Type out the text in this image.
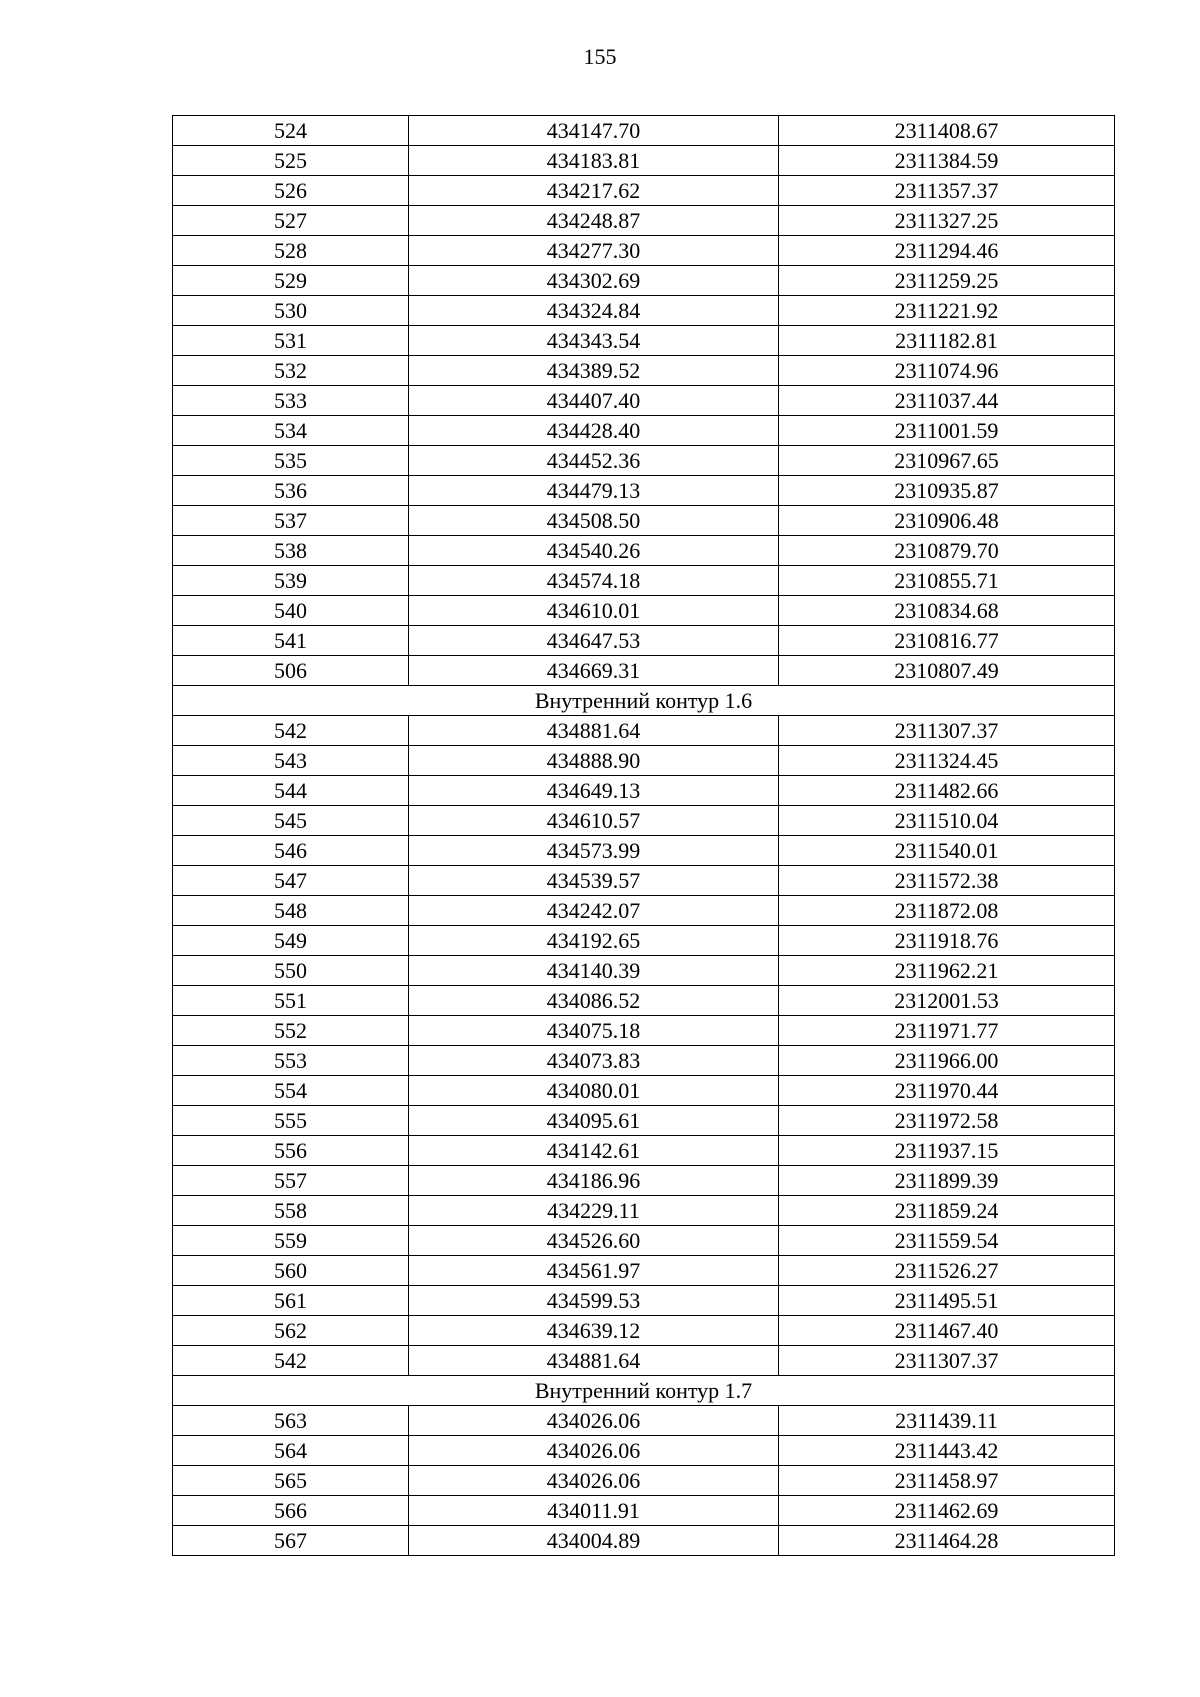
155
524	434147.70	2311408.67
525	434183.81	2311384.59
526	434217.62	2311357.37
527	434248.87	2311327.25
528	434277.30	2311294.46
529	434302.69	2311259.25
530	434324.84	2311221.92
531	434343.54	2311182.81
532	434389.52	2311074.96
533	434407.40	2311037.44
534	434428.40	2311001.59
535	434452.36	2310967.65
536	434479.13	2310935.87
537	434508.50	2310906.48
538	434540.26	2310879.70
539	434574.18	2310855.71
540	434610.01	2310834.68
541	434647.53	2310816.77
506	434669.31	2310807.49
Внутренний контур 1.6		
542	434881.64	2311307.37
543	434888.90	2311324.45
544	434649.13	2311482.66
545	434610.57	2311510.04
546	434573.99	2311540.01
547	434539.57	2311572.38
548	434242.07	2311872.08
549	434192.65	2311918.76
550	434140.39	2311962.21
551	434086.52	2312001.53
552	434075.18	2311971.77
553	434073.83	2311966.00
554	434080.01	2311970.44
555	434095.61	2311972.58
556	434142.61	2311937.15
557	434186.96	2311899.39
558	434229.11	2311859.24
559	434526.60	2311559.54
560	434561.97	2311526.27
561	434599.53	2311495.51
562	434639.12	2311467.40
542	434881.64	2311307.37
Внутренний контур 1.7		
563	434026.06	2311439.11
564	434026.06	2311443.42
565	434026.06	2311458.97
566	434011.91	2311462.69
567	434004.89	2311464.28
